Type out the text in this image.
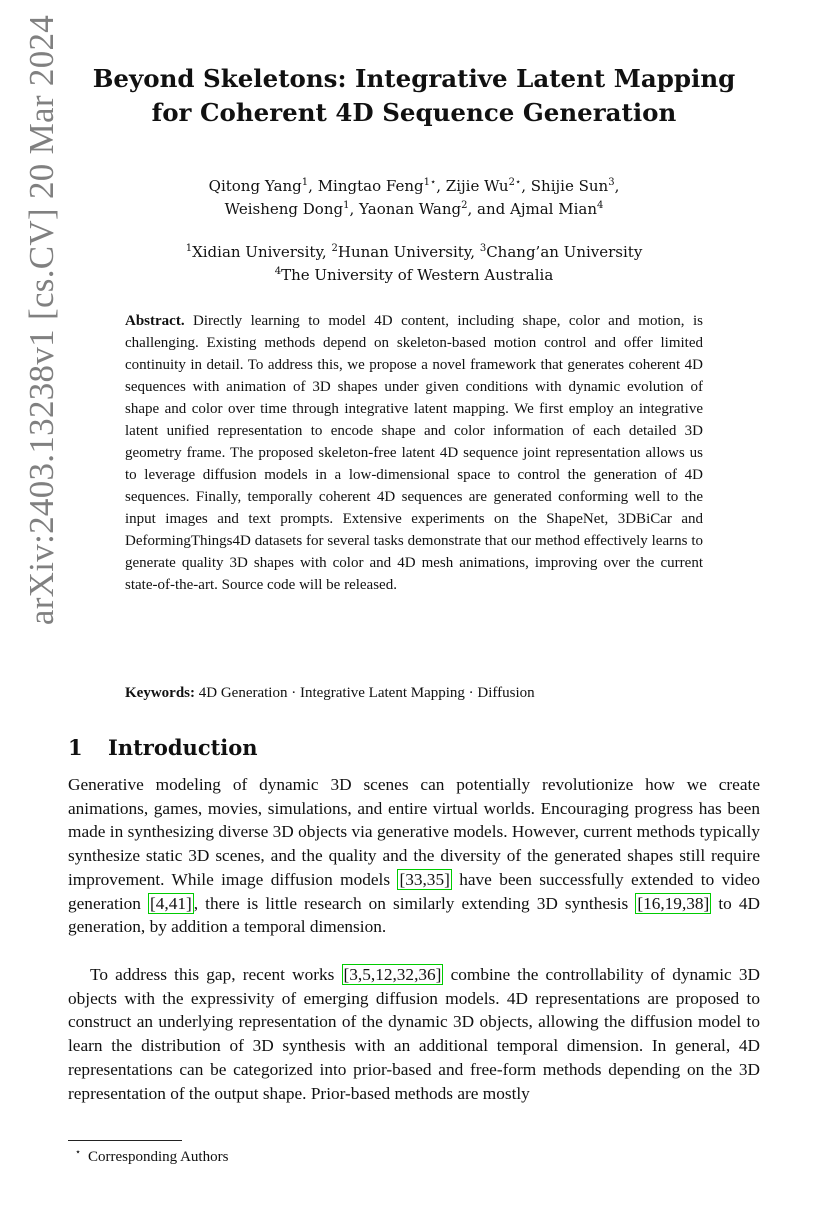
arXiv:2403.13238v1 [cs.CV] 20 Mar 2024	Beyond Skeletons: Integrative Latent Mapping
for Coherent 4D Sequence Generation
Qitong Yang$^1$, Mingtao Feng$^{1⋆}$, Zijie $Wu^{2⋆}$, Shijie Sun$^3$,
Weisheng Dong$^1$, Yaonan Wang$^2$, and Ajmal Mian$^4$
$^1$Xidian University, $^2$Hunan University, $^3$Chang’an University
$^4$The University of Western Australia

Abstract. Directly learning to model 4D content, including shape, color and motion, is challenging. Existing methods depend on skeleton-based motion control and offer limited continuity in detail. To address this, we propose a novel framework that generates coherent 4D sequences with animation of 3D shapes under given conditions with dynamic evolution of shape and color over time through integrative latent mapping. We first employ an integrative latent unified representation to encode shape and color information of each detailed 3D geometry frame. The proposed skeleton-free latent 4D sequence joint representation allows us to leverage diffusion models in a low-dimensional space to control the generation of 4D sequences. Finally, temporally coherent 4D sequences are generated conforming well to the input images and text prompts. Extensive experiments on the ShapeNet, 3DBiCar and DeformingThings4D datasets for several tasks demonstrate that our method effectively learns to generate quality 3D shapes with color and 4D mesh animations, improving over the current state-of-the-art. Source code will be released.

Keywords: 4D Generation · Integrative Latent Mapping · Diffusion

1 Introduction

Generative modeling of dynamic 3D scenes can potentially revolutionize how we create animations, games, movies, simulations, and entire virtual worlds. Encouraging progress has been made in synthesizing diverse 3D objects via generative models. However, current methods typically synthesize static 3D scenes, and the quality and the diversity of the generated shapes still require improvement. While image diffusion models [33,35] have been successfully extended to video generation [4,41] , there is little research on similarly extending 3D synthesis [16,19,38] to 4D generation, by addition a temporal dimension.

To address this gap, recent works [3,5,12,32,36] combine the controllability of dynamic 3D objects with the expressivity of emerging diffusion models. 4D representations are proposed to construct an underlying representation of the dynamic 3D objects, allowing the diffusion model to learn the distribution of 3D synthesis with an additional temporal dimension. In general, 4D representations can be categorized into prior-based and free-form methods depending on the 3D representation of the output shape. Prior-based methods are mostly

⋆ Corresponding Authors
